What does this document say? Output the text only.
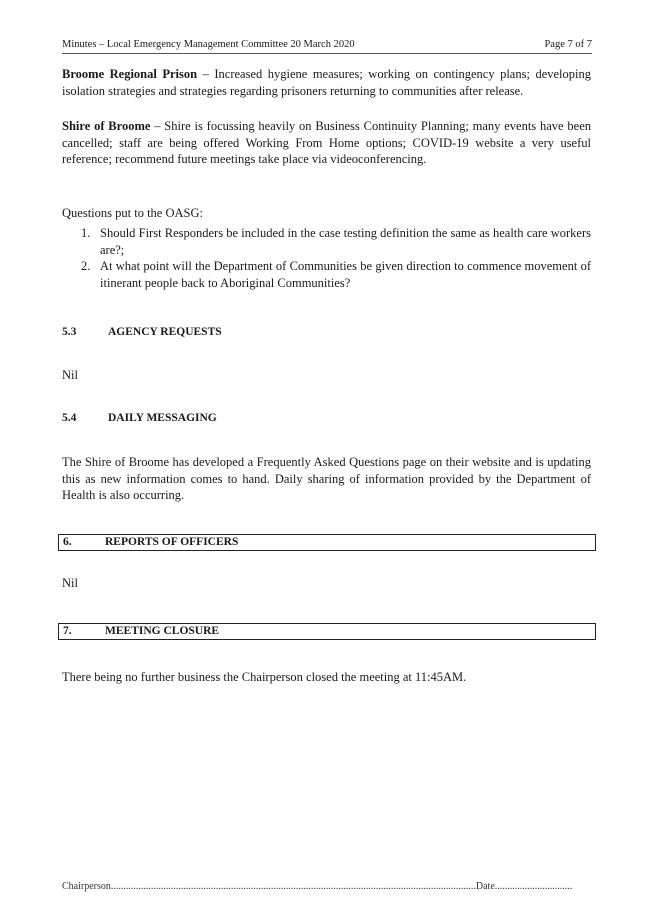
Minutes – Local Emergency Management Committee 20 March 2020	Page 7 of 7

Broome Regional Prison – Increased hygiene measures; working on contingency plans; developing isolation strategies and strategies regarding prisoners returning to communities after release.

Shire of Broome – Shire is focussing heavily on Business Continuity Planning; many events have been cancelled; staff are being offered Working From Home options; COVID-19 website a very useful reference; recommend future meetings take place via videoconferencing.

Questions put to the OASG:

1. Should First Responders be included in the case testing definition the same as health care workers are?;
2. At what point will the Department of Communities be given direction to commence movement of itinerant people back to Aboriginal Communities?
5.3	AGENCY REQUESTS
Nil
5.4	DAILY MESSAGING

The Shire of Broome has developed a Frequently Asked Questions page on their website and is updating this as new information comes to hand. Daily sharing of information provided by the Department of Health is also occurring.

6.	REPORTS OF OFFICERS
Nil
7.	MEETING CLOSURE
There being no further business the Chairperson closed the meeting at 11:45AM.
Chairperson..................................................................................................................................................Date...............................
